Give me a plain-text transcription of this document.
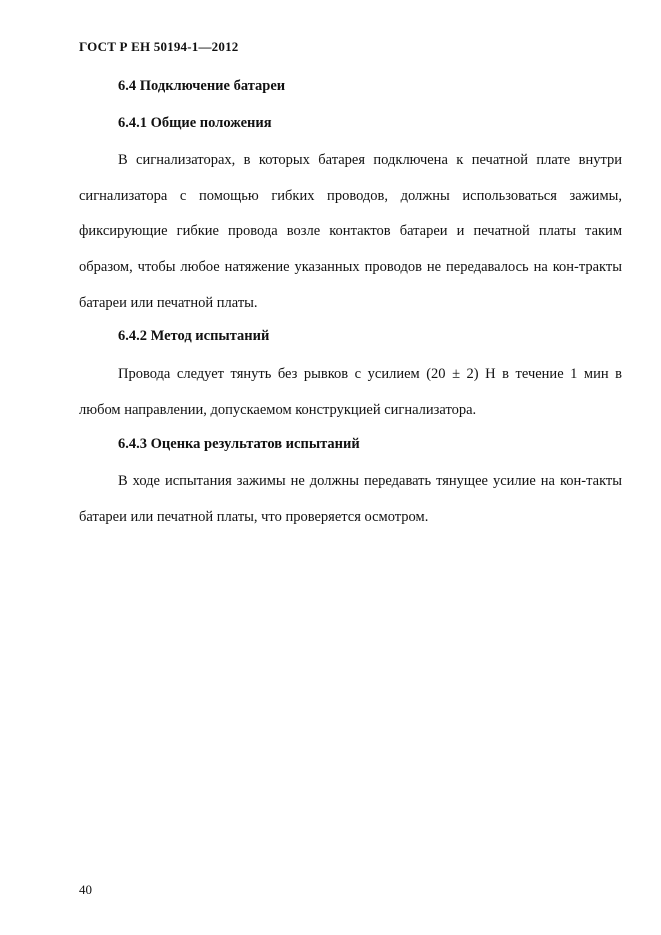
ГОСТ Р ЕН 50194-1—2012
6.4 Подключение батареи
6.4.1 Общие положения

В сигнализаторах, в которых батарея подключена к печатной плате внутри сигнализатора с помощью гибких проводов, должны использоваться зажимы, фиксирующие гибкие провода возле контактов батареи и печатной платы таким образом, чтобы любое натяжение указанных проводов не передавалось на кон-тракты батареи или печатной платы.

6.4.2 Метод испытаний

Провода следует тянуть без рывков с усилием (20 ± 2) Н в течение 1 мин в любом направлении, допускаемом конструкцией сигнализатора.

6.4.3 Оценка результатов испытаний

В ходе испытания зажимы не должны передавать тянущее усилие на кон-такты батареи или печатной платы, что проверяется осмотром.

40
